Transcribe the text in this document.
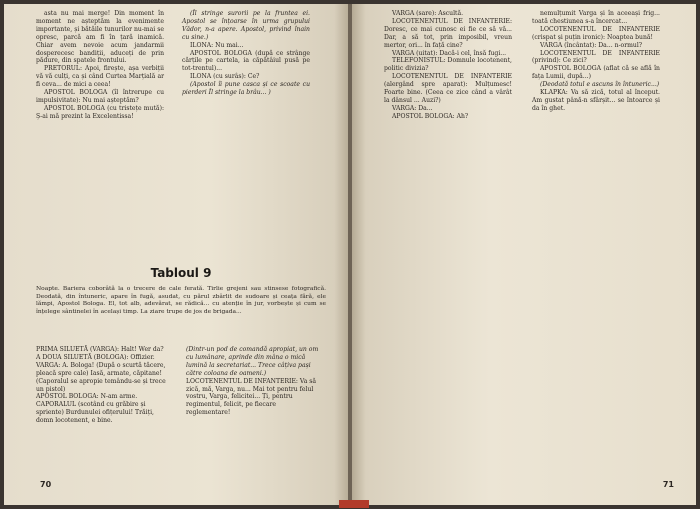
asta nu mai merge! Din moment în moment ne așteptăm la evenimente importante, și bătăile tunurilor nu-mai se opresc, parcă am fi în țară inamică. Chiar avem nevoie acum jandarmii dosperecesc bandiții, aduceți de prin pădure, din spatele frontului.

PRETORUL: Apoi, firește, așa verbiții vă vă culți, ca și când Curtea Marțială ar fi ceva... de mici a ceea!

APOSTOL BOLOGA (îl întrerupe cu impulsivitate): Nu mai așteptăm?

APOSTOL BOLOGA (cu tristețe mută): Ș-ai mă prezint la Excelentissa!

(Îl stringe surorii pe la fruntea ei. Apostol se înțoarse în urma grupului Vădor, n-a apere. Apostol, privind înain cu sine.)

ILONA: Nu mai...

APOSTOL BOLOGA (după ce strânge cărțile pe cartela, ia căpătâiul pusă pe tot-trentul)...

ILONA (cu surâs): Ce?

(Apostol îi pune casca și ce scoate cu pierderi Îl stringe la brâu... )

Tabloul 9

Noapte. Bariera coborâtă la o trecere de cale ferată. Tirlie grejeni sau stinsese fotografică. Deodată, din întuneric, apare în fugă, asudat, cu părul zbârlit de sudoare și ceața fără, ele lămpi, Apostol Bologa. El, tot alb, adevărat, se rădică... cu atenție în jur, vorbește și cum se înțelege sântinelei în același timp. La ziare trupe de jos de brigada...

PRIMA SILUETĂ (VARGA): Halt! Wer da?

A DOUA SILUETĂ (BOLOGA): Offizier.

VARGA: A. Bologa! (După o scurtă tăcere, pleacă spre cale) Iasă, armate, căpitane! (Caporalul se apropie temându-se și trece un pistol)

APOSTOL BOLOGA: N-am arme.

CAPORALUL (scotând cu grăbire și spriente) Burdunulei ofițerului! Trăiți, domn locotenent, e bine.

(Dintr-un pod de comandă apropiat, un om cu lumânare, aprinde din mâna o mică lumină la secretariat... Trece câțiva pași către coloana de oameni.)

LOCOTENENTUL DE INFANTERIE: Va să zică, mă, Varga, nu... Mai tot pentru felul vostru, Varga, felicitei... Ți, pentru regimentul, felicit, pe fiecare reglementare!

70

VARGA (sare): Ascultă.

LOCOTENENTUL DE INFANTERIE: Doresc, ce mai cunosc ei fie ce să vă... Dar, a să tot, prin imposibil, vreun mertor, ori... în față cine?

VARGA (uitat): Dacă-i cel, însă fugi...

TELEFONISTUL: Domnule locotenent, politic divizia?

LOCOTENENTUL DE INFANTERIE (alergând spre aparat): Mulțumesc! Foarte bine. (Ceea ce zice când a vârât la dânsul ... Auzi?)

VARGA: Da...

APOSTOL BOLOGA: Ah?

nemulțumit Varga și în aceeași frig... toată chestiunea s-a încercat...

LOCOTENENTUL DE INFANTERIE (crispat și puțin ironic): Noaptea bună!

VARGA (încântat): Da... n-ormul?

LOCOTENENTUL DE INFANTERIE (privind): Ce zici?

APOSTOL BOLOGA (aflat că se află în fața Lumii, după...)

(Deodată totul e ascuns în întuneric...)

KLAPKA: Va să zică, totul al început. Am gustat până-n sfârșit... se întoarce și da în ghet.

71
